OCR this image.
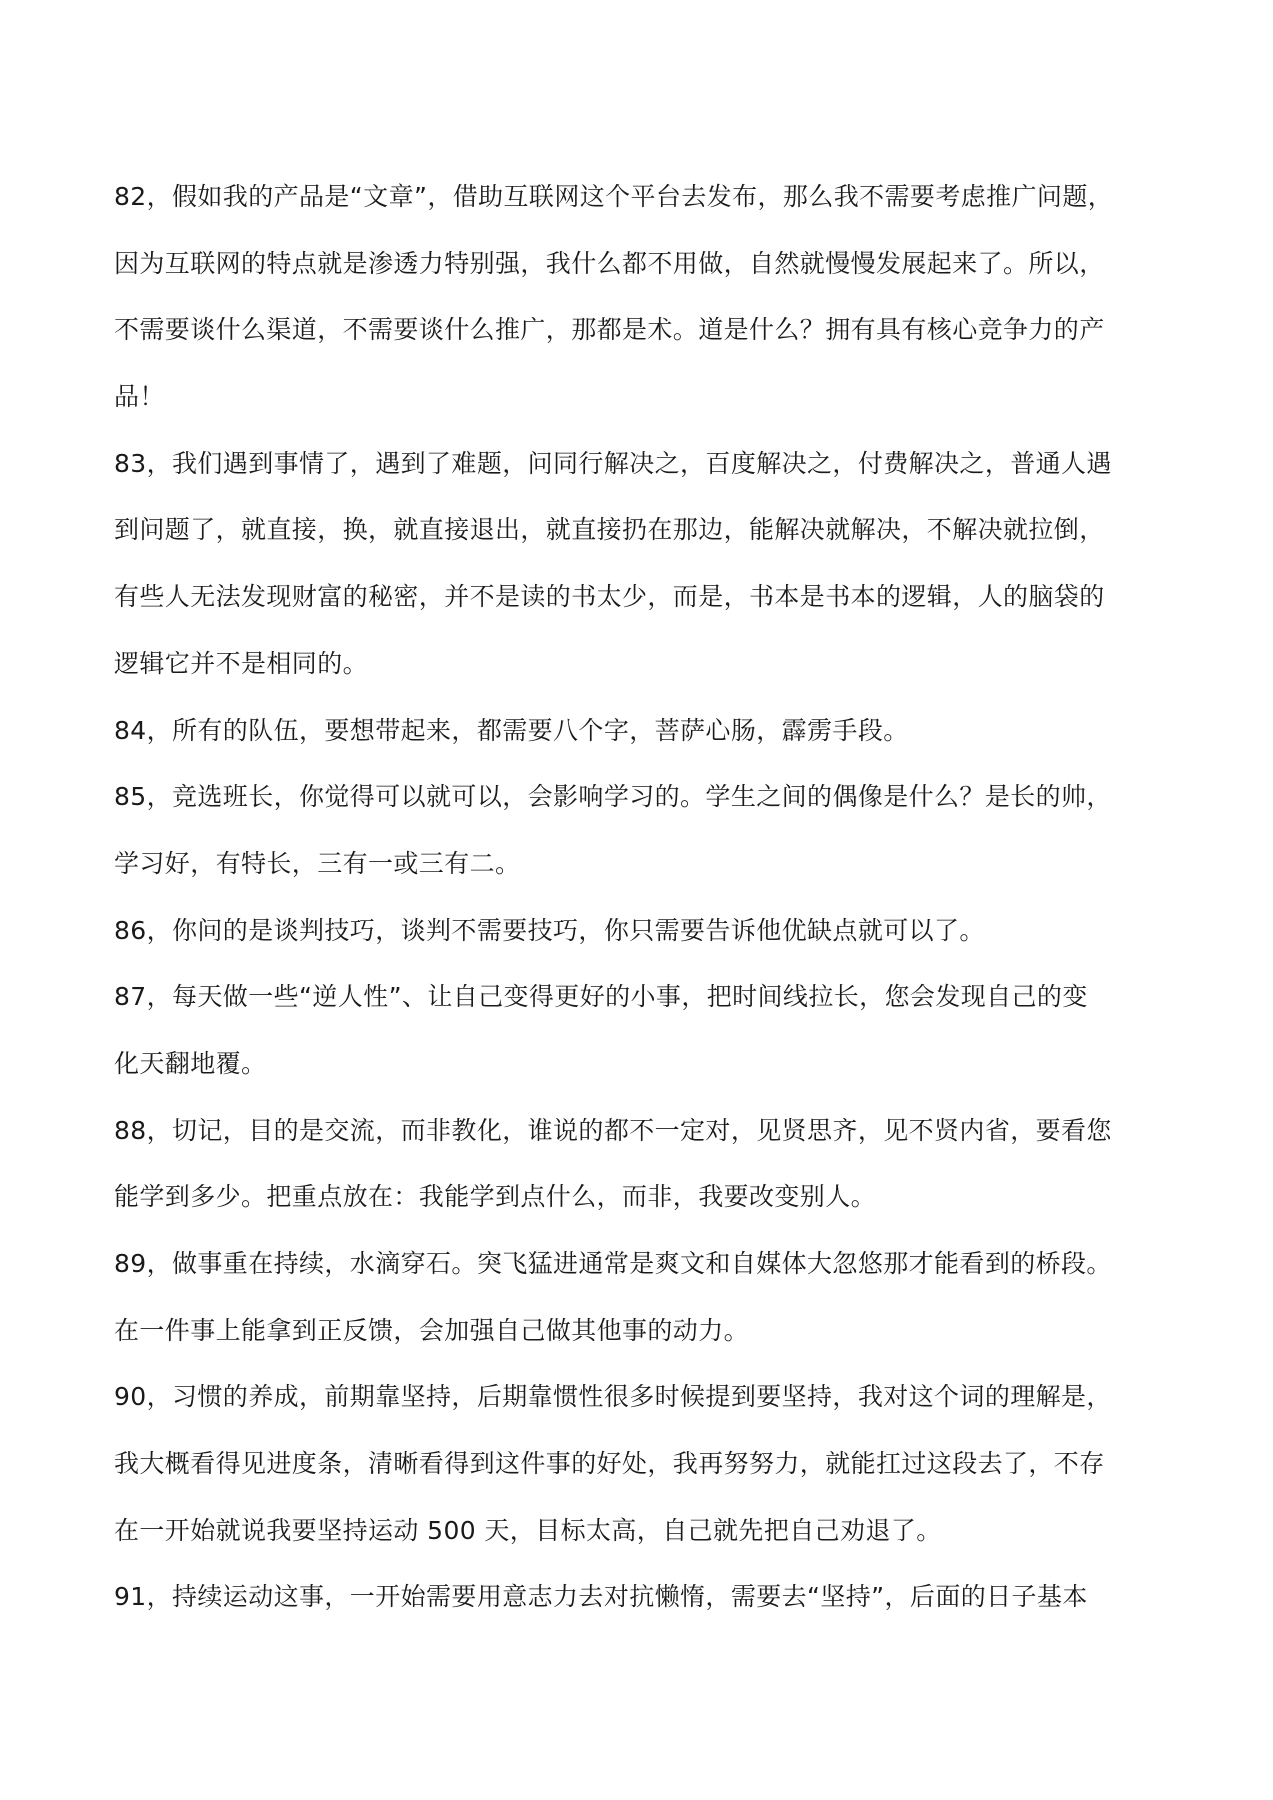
82，假如我的产品是“文章”，借助互联网这个平台去发布，那么我不需要考虑推广问题，
因为互联网的特点就是渗透力特别强，我什么都不用做，自然就慢慢发展起来了。所以，
不需要谈什么渠道，不需要谈什么推广，那都是术。道是什么？拥有具有核心竞争力的产
品！
83，我们遇到事情了，遇到了难题，问同行解决之，百度解决之，付费解决之，普通人遇
到问题了，就直接，换，就直接退出，就直接扔在那边，能解决就解决，不解决就拉倒，
有些人无法发现财富的秘密，并不是读的书太少，而是，书本是书本的逻辑，人的脑袋的
逻辑它并不是相同的。
84，所有的队伍，要想带起来，都需要八个字，菩萨心肠，霹雳手段。
85，竞选班长，你觉得可以就可以，会影响学习的。学生之间的偶像是什么？是长的帅，
学习好，有特长，三有一或三有二。
86，你问的是谈判技巧，谈判不需要技巧，你只需要告诉他优缺点就可以了。
87，每天做一些“逆人性”、让自己变得更好的小事，把时间线拉长，您会发现自己的变
化天翻地覆。
88，切记，目的是交流，而非教化，谁说的都不一定对，见贤思齐，见不贤内省，要看您
能学到多少。把重点放在：我能学到点什么，而非，我要改变别人。
89，做事重在持续，水滴穿石。突飞猛进通常是爽文和自媒体大忽悠那才能看到的桥段。
在一件事上能拿到正反馈，会加强自己做其他事的动力。
90，习惯的养成，前期靠坚持，后期靠惯性很多时候提到要坚持，我对这个词的理解是，
我大概看得见进度条，清晰看得到这件事的好处，我再努努力，就能扛过这段去了，不存
在一开始就说我要坚持运动 500 天，目标太高，自己就先把自己劝退了。
91，持续运动这事，一开始需要用意志力去对抗懒惰，需要去“坚持”，后面的日子基本
